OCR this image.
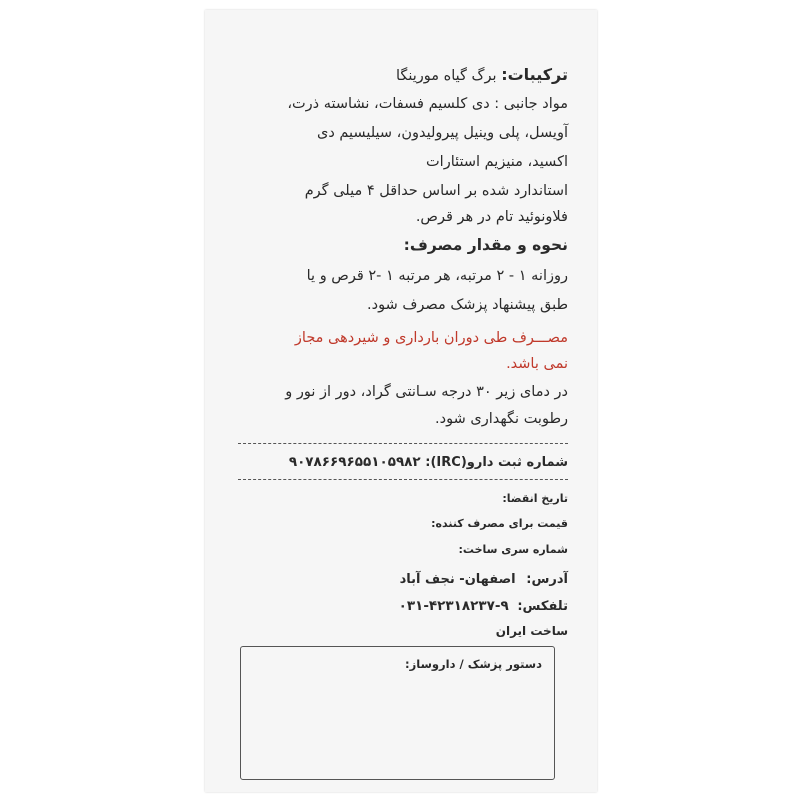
ترکیبات: برگ گیاه مورینگا
مواد جانبی : دی کلسیم فسفات، نشاسته ذرت،
آویسل، پلی وینیل پیرولیدون، سیلیسیم دی
اکسید، منیزیم استئارات
استاندارد شده بر اساس حداقل ۴ میلی گرم
فلاونوئید تام در هر قرص.
نحوه و مقدار مصرف:
روزانه ۱ - ۲ مرتبه، هر مرتبه ۱ -۲ قرص و یا
طبق پیشنهاد پزشک مصرف شود.
مصـــرف طی دوران بارداری و شیردهی مجاز
نمی باشد.
در دمای زیر ۳۰ درجه سـانتی گراد، دور از نور و
رطوبت نگهداری شود.
شماره ثبت دارو(IRC): ۹۰۷۸۶۶۹۶۵۵۱۰۵۹۸۲
تاریخ انقضا:
قیمت برای مصرف کننده:
شماره سری ساخت:
آدرس: اصفهان- نجف آباد
تلفکس: ۹-۴۲۳۱۸۲۳۷-۰۳۱
ساخت ایران
دستور پزشک / داروساز:
